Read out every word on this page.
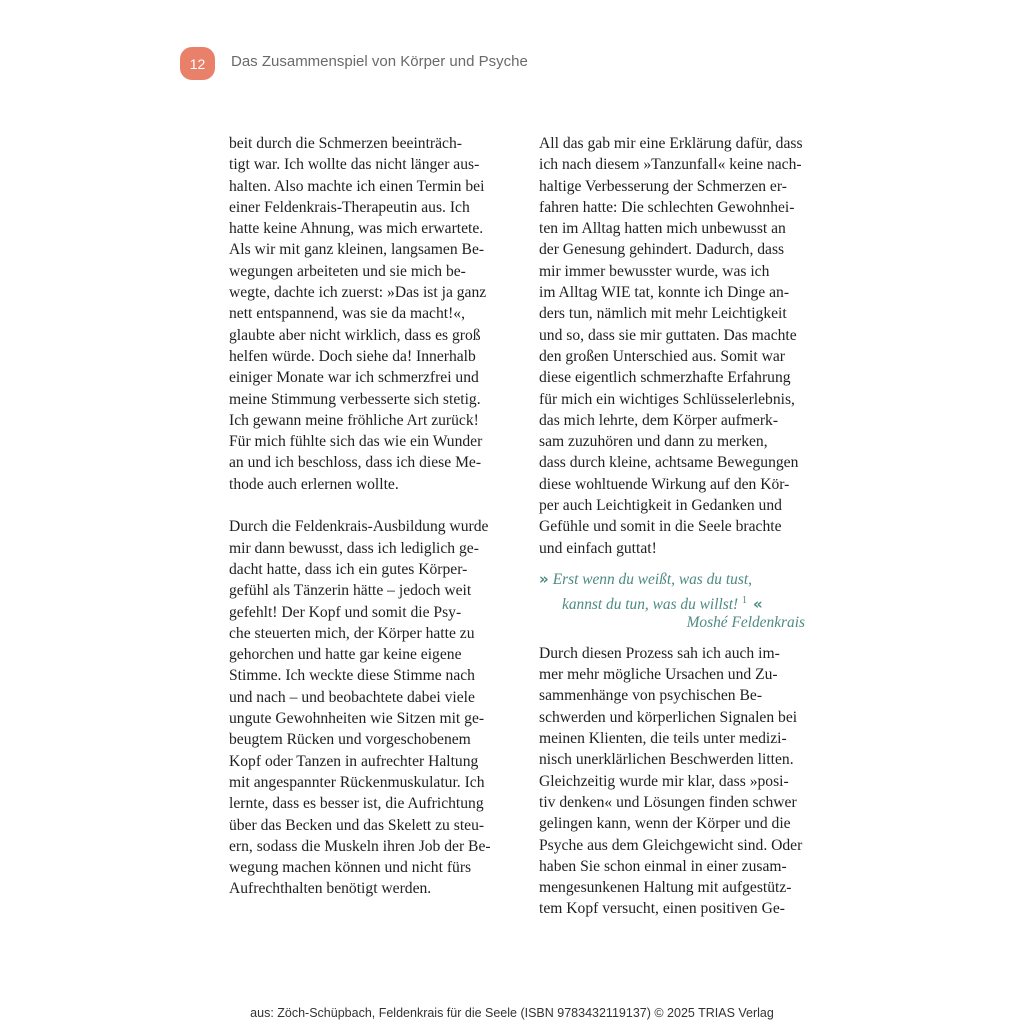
12 Das Zusammenspiel von Körper und Psyche
beit durch die Schmerzen beeinträch-
tigt war. Ich wollte das nicht länger aus-
halten. Also machte ich einen Termin bei
einer Feldenkrais-Therapeutin aus. Ich
hatte keine Ahnung, was mich erwartete.
Als wir mit ganz kleinen, langsamen Be-
wegungen arbeiteten und sie mich be-
wegte, dachte ich zuerst: »Das ist ja ganz
nett entspannend, was sie da macht!«,
glaubte aber nicht wirklich, dass es groß
helfen würde. Doch siehe da! Innerhalb
einiger Monate war ich schmerzfrei und
meine Stimmung verbesserte sich stetig.
Ich gewann meine fröhliche Art zurück!
Für mich fühlte sich das wie ein Wunder
an und ich beschloss, dass ich diese Me-
thode auch erlernen wollte.
Durch die Feldenkrais-Ausbildung wurde
mir dann bewusst, dass ich lediglich ge-
dacht hatte, dass ich ein gutes Körper-
gefühl als Tänzerin hätte – jedoch weit
gefehlt! Der Kopf und somit die Psy-
che steuerten mich, der Körper hatte zu
gehorchen und hatte gar keine eigene
Stimme. Ich weckte diese Stimme nach
und nach – und beobachtete dabei viele
ungute Gewohnheiten wie Sitzen mit ge-
beugtem Rücken und vorgeschobenem
Kopf oder Tanzen in aufrechter Haltung
mit angespannter Rückenmuskulatur. Ich
lernte, dass es besser ist, die Aufrichtung
über das Becken und das Skelett zu steu-
ern, sodass die Muskeln ihren Job der Be-
wegung machen können und nicht fürs
Aufrechthalten benötigt werden.
All das gab mir eine Erklärung dafür, dass
ich nach diesem »Tanzunfall« keine nach-
haltige Verbesserung der Schmerzen er-
fahren hatte: Die schlechten Gewohnhei-
ten im Alltag hatten mich unbewusst an
der Genesung gehindert. Dadurch, dass
mir immer bewusster wurde, was ich
im Alltag WIE tat, konnte ich Dinge an-
ders tun, nämlich mit mehr Leichtigkeit
und so, dass sie mir guttaten. Das machte
den großen Unterschied aus. Somit war
diese eigentlich schmerzhafte Erfahrung
für mich ein wichtiges Schlüsselerlebnis,
das mich lehrte, dem Körper aufmerk-
sam zuzuhören und dann zu merken,
dass durch kleine, achtsame Bewegungen
diese wohltuende Wirkung auf den Kör-
per auch Leichtigkeit in Gedanken und
Gefühle und somit in die Seele brachte
und einfach guttat!
» Erst wenn du weißt, was du tust,
kannst du tun, was du willst! $^1$ «
Moshé Feldenkrais
Durch diesen Prozess sah ich auch im-
mer mehr mögliche Ursachen und Zu-
sammenhänge von psychischen Be-
schwerden und körperlichen Signalen bei
meinen Klienten, die teils unter medizi-
nisch unerklärlichen Beschwerden litten.
Gleichzeitig wurde mir klar, dass »posi-
tiv denken« und Lösungen finden schwer
gelingen kann, wenn der Körper und die
Psyche aus dem Gleichgewicht sind. Oder
haben Sie schon einmal in einer zusam-
mengesunkenen Haltung mit aufgestütz-
tem Kopf versucht, einen positiven Ge-
aus: Zöch-Schüpbach, Feldenkrais für die Seele (ISBN 9783432119137) © 2025 TRIAS Verlag
